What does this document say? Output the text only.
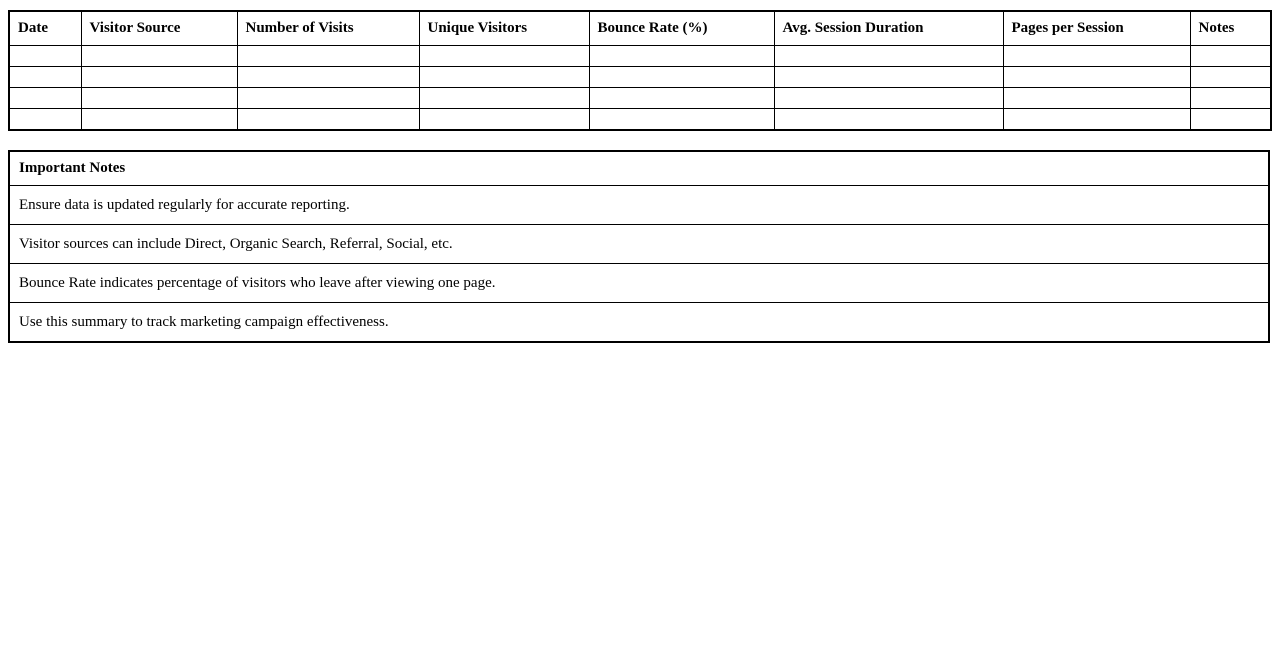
Date	Visitor Source	Number of Visits	Unique Visitors	Bounce Rate (%)	Avg. Session Duration	Pages per Session	Notes

Important Notes
Ensure data is updated regularly for accurate reporting.
Visitor sources can include Direct, Organic Search, Referral, Social, etc.
Bounce Rate indicates percentage of visitors who leave after viewing one page.
Use this summary to track marketing campaign effectiveness.
